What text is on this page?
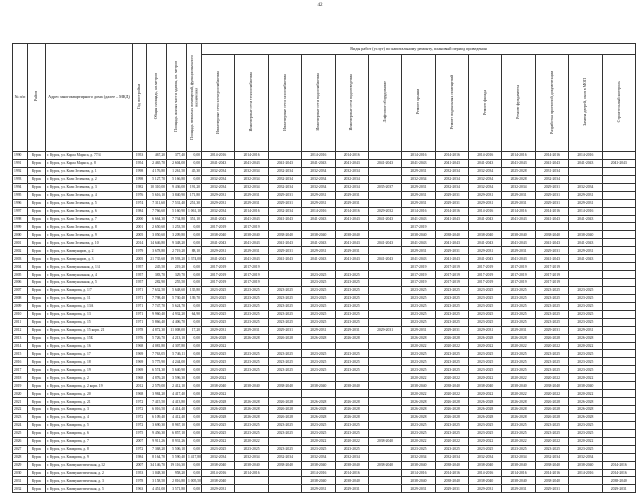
42
№ п/п	Район	Адрес многоквартирного дома (далее – МКД)	Год постройки	Общая площадь, кв.метров	Площадь жилых части здания, кв. метров	Площадь нежилых помещений, функционального назначения	Виды работ (услуг) по капитальному ремонту, плановый период проведения												
							Инженерные сети электроснабжения	Инженерные сети теплоснабжения	Инженерные сети газоснабжения	Инженерные сети водоснабжения	Инженерные сети водоотведения	Лифтовое оборудование	Ремонт крыши	Ремонт подвальных помещений	Ремонт фасада	Ремонт фундамента	Разработка проектной документации	Замена дверей, окон в МОП	Строительный контроль
1990	Курск	г. Курск, ул. Карла Маркса, д. 77/4	1953	467,20	377,40	0,00	2014-2016	2014-2016		2014-2016	2014-2016		2014-2016	2014-2016	2014-2016	2014-2016	2014-2016	2014-2016	
1991	Курск	г. Курск, ул. Карла Маркса, д. 8	1954	2 465,70	2 604,00	0,00	2041-2043	2041-2043	2041-2043	2041-2043	2041-2043	2041-2043	2041-2043	2041-2043	2041-2043	2041-2043	2041-2043	2041-2043	2041-2043
1992	Курск	г. Курск, ул. Коли Зеленова, д. 1	1998	4 176,80	1 261,50	45,30	2032-2034	2032-2034	2032-2034	2032-2034	2032-2034		2029-2031	2032-2034	2032-2034	2025-2028	2031-2034		
1993	Курск	г. Курск, ул. Коли Зеленова, д. 2	1998	5 127,70	5 166,80	0,00	2032-2034	2032-2034	2032-2034	2032-2034	2032-2034		2032-2034	2032-2034	2032-2034	2026-2028	2032-2034		
1994	Курск	г. Курск, ул. Коли Зеленова, д. 3	1982	10 310,00	9 436,00	191,20	2032-2034	2032-2034	2032-2034	2032-2034	2032-2034	2035-2037	2029-2031	2032-2034	2032-2034	2032-2034	2029-2031	2032-2034	
1995	Курск	г. Курск, ул. Коли Зеленова, д. 4	1976	5 616,10	3 840,90	171,80	2029-2031	2029-2031	2029-2031	2029-2031	2029-2031		2029-2031	2029-2031	2029-2031	2029-2031	2029-2031	2029-2031	
1996	Курск	г. Курск, ул. Коли Зеленова, д. 5	1974	7 311,60	7 531,40	251,30	2029-2031	2029-2031	2029-2031	2029-2031	2029-2031		2029-2031	2029-2031	2029-2031	2029-2031	2029-2031	2029-2031	
1997	Курск	г. Курск, ул. Коли Зеленова, д. 6	1984	7 766,60	5 160,90	1 061,10	2032-2034	2014-2016	2032-2034	2014-2016	2014-2016	2029-2032	2014-2016	2014-2016	2014-2016	2014-2016	2014-2016	2014-2016	
1998	Курск	г. Курск, ул. Коли Зеленова, д. 7	2000	6 664,30	7 734,80	351,10	2041-2043	2041-2043	2041-2043	2041-2043	2041-2043	2041-2043	2041-2043	2041-2043	2041-2043	2041-2043	2041-2043	2041-2043	
1999	Курск	г. Курск, ул. Коли Зеленова, д. 8	2001	2 650,60	1 253,50	0,00	2017-2019	2017-2019					2017-2019						
2000	Курск	г. Курск, ул. Коли Зеленова, д. 9	2005	3 050,60	3 209,80	0,00	2038-2040	2038-2040	2038-2040	2038-2040	2038-2040		2038-2040	2038-2040	2038-2040	2038-2040	2038-2040	2038-2040	
2001	Курск	г. Курск, ул. Коли Зеленова, д. 10	2014	14 646,80	9 348,20	0,00	2041-2043	2041-2043	2041-2043	2041-2043	2041-2043	2041-2043	2041-2043	2041-2043	2041-2043	2041-2043	2041-2043	2041-2043	
2002	Курск	г. Курск, ул. Коммунаров, д. 2	1979	3 678,80	2 719,20	88,10	2029-2031	2029-2031	2029-2031	2029-2031	2029-2031		2029-2031	2029-2031	2029-2031	2029-2031	2029-2031	2029-2031	
2003	Курск	г. Курск, ул. Коммунаров, д. 3	2005	21 735,60	19 593,20	1 374,00	2041-2043	2041-2043	2041-2043	2041-2043	2041-2043	2041-2043	2041-2043	2041-2043	2041-2043	2041-2043	2041-2043	2041-2043	
2004	Курск	г. Курск, ул. Коммунальная, д. 1/4	1957	245,50	219,20	0,00	2017-2019	2017-2019					2017-2019	2017-2019	2017-2019	2017-2019	2017-2019		
2005	Курск	г. Курск, ул. Коммунальная, д. 4	1957	383,70	329,70	0,00	2017-2019	2017-2019		2023-2025	2023-2025		2017-2019	2017-2019	2017-2019	2017-2019	2017-2019		
2006	Курск	г. Курск, ул. Коммунальная, д. 5	1957	282,90	255,50	0,00	2017-2019	2017-2019		2023-2025	2023-2025		2017-2019	2017-2019	2017-2019	2017-2019	2017-2019		
2007	Курск	г. Курск, ул. Комарова, д. 1/7	1971	7 632,50	5 648,60	135,80	2023-2025	2023-2025	2023-2025	2023-2025	2023-2025		2023-2025	2023-2025	2023-2025	2023-2025	2023-2025	2023-2025	
2008	Курск	г. Курск, ул. Комарова, д. 11	1971	7 798,40	5 730,40	139,70	2023-2025	2023-2025	2023-2025	2023-2025	2023-2025		2023-2025	2023-2025	2023-2025	2023-2025	2023-2025	2023-2025	
2009	Курск	г. Курск, ул. Комарова, д. 13А	1971	7 747,70	5 624,70	0,00	2023-2025	2023-2025	2023-2025	2023-2025	2023-2025		2023-2025	2023-2025	2023-2025	2023-2025	2023-2025	2023-2025	
2010	Курск	г. Курск, ул. Комарова, д. 13	1971	9 960,40	4 932,20	64,90	2023-2025	2023-2025	2023-2025	2023-2025	2023-2025		2023-2025	2023-2025	2023-2025	2023-2025	2023-2025	2023-2025	
2011	Курск	г. Курск, ул. Комарова, д. 15	1971	5 866,40	4 406,70	0,00	2023-2025	2023-2025	2023-2025	2023-2025	2023-2025		2023-2025	2023-2025	2023-2025	2023-2025	2023-2025	2023-2025	
2012	Курск	г. Курск, ул. Комарова, д. 15 корп. 21	1978	4 872,30	11 008,00	17,20	2029-2031	2029-2031	2029-2031	2029-2031	2029-2031	2029-2031	2029-2031	2029-2031	2029-2031	2029-2031	2029-2031	2029-2031	
2013	Курск	г. Курск, ул. Комарова, д. 15Б	1976	5 726,70	4 213,10	0,00	2026-2028	2026-2028	2026-2028	2026-2028	2026-2028		2026-2028	2026-2028	2026-2028	2026-2028	2026-2028	2026-2028	
2014	Курск	г. Курск, ул. Комарова, д. 16	1968	4 081,80	4 307,80	0,00	2020-2022						2020-2022	2020-2022	2020-2022	2020-2022	2020-2022	2020-2022	
2015	Курск	г. Курск, ул. Комарова, д. 17	1969	7 763,05	5 746,11	0,00	2023-2025	2023-2025	2023-2025	2023-2025	2023-2025		2023-2025	2023-2025	2023-2025	2023-2025	2023-2025	2023-2025	
2016	Курск	г. Курск, ул. Комарова, д. 18	1969	5 775,90	4 244,00	0,00	2023-2025	2023-2025	2023-2025	2023-2025	2023-2025		2023-2025	2023-2025	2023-2025	2023-2025	2023-2025	2023-2025	
2017	Курск	г. Курск, ул. Комарова, д. 19	1969	6 574,30	5 640,90	0,00	2023-2025	2023-2025	2023-2025	2023-2025	2023-2025		2023-2025	2023-2025	2023-2025	2023-2025	2023-2025	2023-2025	
2018	Курск	г. Курск, ул. Комарова, д. 2	1968	4 876,20	3 596,30	0,00	2020-2022						2020-2022	2020-2022	2020-2022	2020-2022	2020-2022	2020-2022	
2019	Курск	г. Курск, ул. Комарова, д. 2 корп. 19	2012	2 579,00	2 412,10	0,00	2038-2040	2038-2040	2038-2040	2038-2040	2038-2040		2038-2040	2038-2040	2038-2040	2038-2040	2038-2040	2038-2040	
2020	Курск	г. Курск, ул. Комарова, д. 20	1968	3 984,20	4 417,40	0,00	2020-2022						2020-2022	2020-2022	2020-2022	2020-2022	2020-2022	2020-2022	
2021	Курск	г. Курск, ул. Комарова, д. 21	1972	7 415,50	4 413,80	0,00	2026-2028	2026-2028	2026-2028	2026-2028	2026-2028		2026-2028	2026-2028	2026-2028	2026-2028	2026-2028	2026-2028	
2022	Курск	г. Курск, ул. Комарова, д. 3	1972	6 016,50	4 414,40	0,00	2026-2028	2026-2028	2026-2028	2026-2028	2026-2028		2026-2028	2026-2028	2026-2028	2026-2028	2026-2028	2026-2028	
2023	Курск	г. Курск, ул. Комарова, д. 4	1972	6 109,40	4 412,40	0,00	2026-2028	2026-2028	2026-2028	2026-2028	2026-2028		2026-2028	2026-2028	2026-2028	2026-2028	2026-2028	2026-2028	
2024	Курск	г. Курск, ул. Комарова, д. 5	1972	3 690,30	8 967,10	0,00	2023-2025	2023-2025	2023-2025	2023-2025	2023-2025		2023-2025	2023-2025	2023-2025	2023-2025	2023-2025	2023-2025	
2025	Курск	г. Курск, ул. Комарова, д. 6	1975	9 456,30	6 857,10	0,00	2023-2025	2023-2025	2023-2025	2023-2025	2023-2025		2023-2025	2023-2025	2023-2025	2023-2025	2023-2025	2023-2025	
2026	Курск	г. Курск, ул. Комарова, д. 7	2007	9 911,26	8 931,26	0,00	2020-2022	2020-2022		2020-2022	2020-2022	2038-2040	2020-2022	2020-2022	2020-2022	2020-2022	2020-2022	2020-2022	
2027	Курск	г. Курск, ул. Комарова, д. 8	1972	7 368,20	5 506,10	0,00	2023-2025	2023-2025	2023-2025	2023-2025	2023-2025		2023-2025	2023-2025	2023-2025	2023-2025	2023-2025	2023-2025	
2028	Курск	г. Курск, ул. Комарова, д. 9	1984	8 164,70	5 590,40	1 417,80	2032-2034	2032-2034	2032-2034	2032-2034	2032-2034		2032-2034	2032-2034	2032-2034	2032-2034	2032-2034	2032-2034	
2029	Курск	г. Курск, ул. Коммунистическая, д.12	2007	34 146,70	19 116,30	0,00	2038-2040	2038-2040	2038-2040	2038-2040	2038-2040	2038-2040	2038-2040	2038-2040	2038-2040	2038-2040	2038-2040	2038-2040	2014-2016
2030	Курск	г. Курск, ул. Коммунистическая, д. 2	1953	1 048,30	958,20	0,00	2014-2016	2014-2016		2014-2016	2014-2016		2014-2016	2014-2016	2014-2016	2014-2016	2014-2016	2014-2016	2014-2016
2031	Курск	г. Курск, ул. Коммунистическая, д. 3	1978	3 158,50	2 816,80	1 005,50	2038-2040			2038-2040	2038-2040		2038-2040	2038-2040	2038-2040	2038-2040	2038-2040		2038-2040
2032	Курск	г. Курск, ул. Коммунистическая, д. 5	1963	4 451,00	3 571,80	0,00	2029-2031			2029-2031	2029-2031		2029-2031	2029-2031	2029-2031	2029-2031	2029-2031		2029-2031
